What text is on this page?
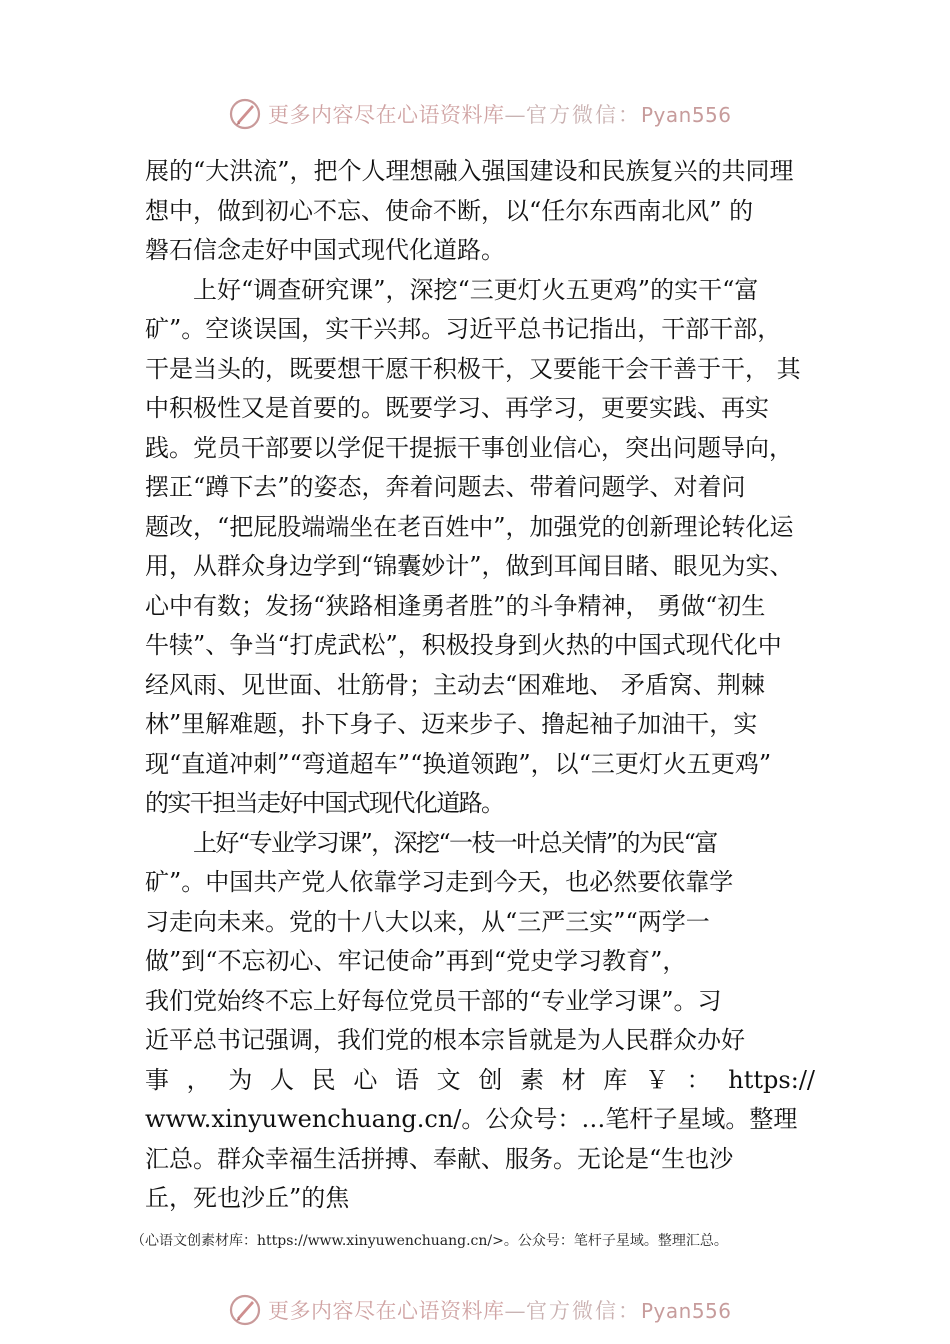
更多内容尽在心语资料库—官方微信：Pyan556
展的“大洪流”，把个人理想融入强国建设和民族复兴的共同理
想中，做到初心不忘、使命不断，以“任尔东西南北风” 的
磐石信念走好中国式现代化道路。
上好“调查研究课”，深挖“三更灯火五更鸡”的实干“富
矿”。空谈误国，实干兴邦。习近平总书记指出，干部干部，
干是当头的，既要想干愿干积极干，又要能干会干善于干， 其
中积极性又是首要的。既要学习、再学习，更要实践、再实
践。党员干部要以学促干提振干事创业信心，突出问题导向，
摆正“蹲下去”的姿态，奔着问题去、带着问题学、对着问
题改，“把屁股端端坐在老百姓中”，加强党的创新理论转化运
用，从群众身边学到“锦囊妙计”，做到耳闻目睹、眼见为实、
心中有数；发扬“狭路相逢勇者胜”的斗争精神， 勇做“初生
牛犊”、争当“打虎武松”，积极投身到火热的中国式现代化中
经风雨、见世面、壮筋骨；主动去“困难地、 矛盾窝、荆棘
林”里解难题，扑下身子、迈来步子、撸起袖子加油干，实
现“直道冲刺”“弯道超车”“换道领跑”，以“三更灯火五更鸡”
的实干担当走好中国式现代化道路。
上好“专业学习课”，深挖“一枝一叶总关情”的为民“富
矿”。中国共产党人依靠学习走到今天，也必然要依靠学
习走向未来。党的十八大以来，从“三严三实”“两学一
做”到“不忘初心、牢记使命”再到“党史学习教育”，
我们党始终不忘上好每位党员干部的“专业学习课”。习
近平总书记强调，我们党的根本宗旨就是为人民群众办好
事 ， 为 人 民 心 语 文 创 素 材 库 ￥ ： https://
www.xinyuwenchuang.cn/。公众号：…笔杆子星域。整理
汇总。群众幸福生活拼搏、奉献、服务。无论是“生也沙
丘，死也沙丘”的焦
（心语文创素材库：https://www.xinyuwenchuang.cn/>。公众号：笔杆子星域。整理汇总。
更多内容尽在心语资料库—官方微信：Pyan556
